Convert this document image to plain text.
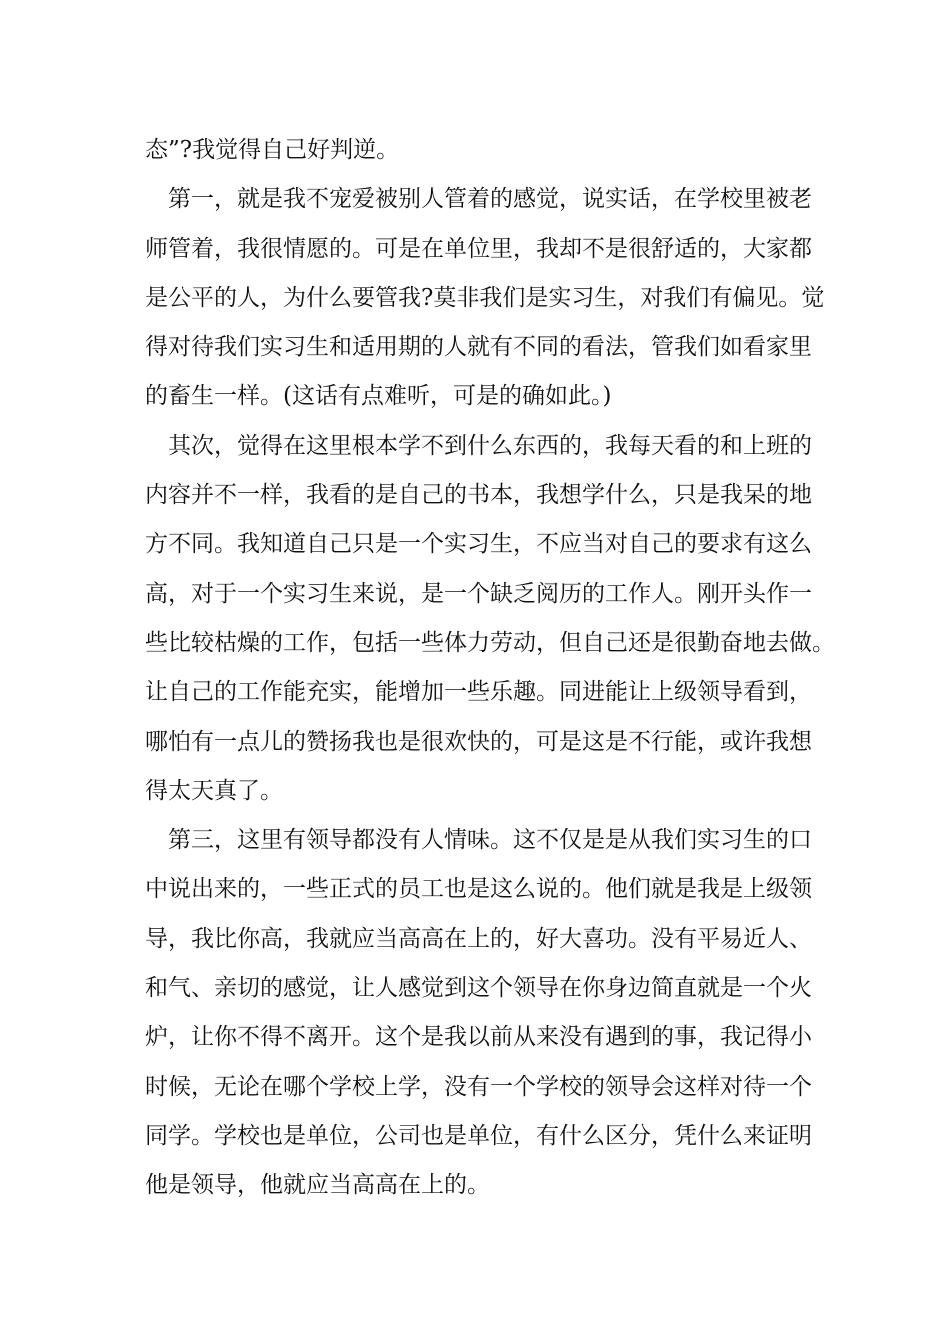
态”?我觉得自己好判逆。
第一，就是我不宠爱被别人管着的感觉，说实话，在学校里被老
师管着，我很情愿的。可是在单位里，我却不是很舒适的，大家都
是公平的人，为什么要管我?莫非我们是实习生，对我们有偏见。觉
得对待我们实习生和适用期的人就有不同的看法，管我们如看家里
的畜生一样。(这话有点难听，可是的确如此。)
其次，觉得在这里根本学不到什么东西的，我每天看的和上班的
内容并不一样，我看的是自己的书本，我想学什么，只是我呆的地
方不同。我知道自己只是一个实习生，不应当对自己的要求有这么
高，对于一个实习生来说，是一个缺乏阅历的工作人。刚开头作一
些比较枯燥的工作，包括一些体力劳动，但自己还是很勤奋地去做。
让自己的工作能充实，能增加一些乐趣。同进能让上级领导看到，
哪怕有一点儿的赞扬我也是很欢快的，可是这是不行能，或许我想
得太天真了。
第三，这里有领导都没有人情味。这不仅是是从我们实习生的口
中说出来的，一些正式的员工也是这么说的。他们就是我是上级领
导，我比你高，我就应当高高在上的，好大喜功。没有平易近人、
和气、亲切的感觉，让人感觉到这个领导在你身边简直就是一个火
炉，让你不得不离开。这个是我以前从来没有遇到的事，我记得小
时候，无论在哪个学校上学，没有一个学校的领导会这样对待一个
同学。学校也是单位，公司也是单位，有什么区分，凭什么来证明
他是领导，他就应当高高在上的。
